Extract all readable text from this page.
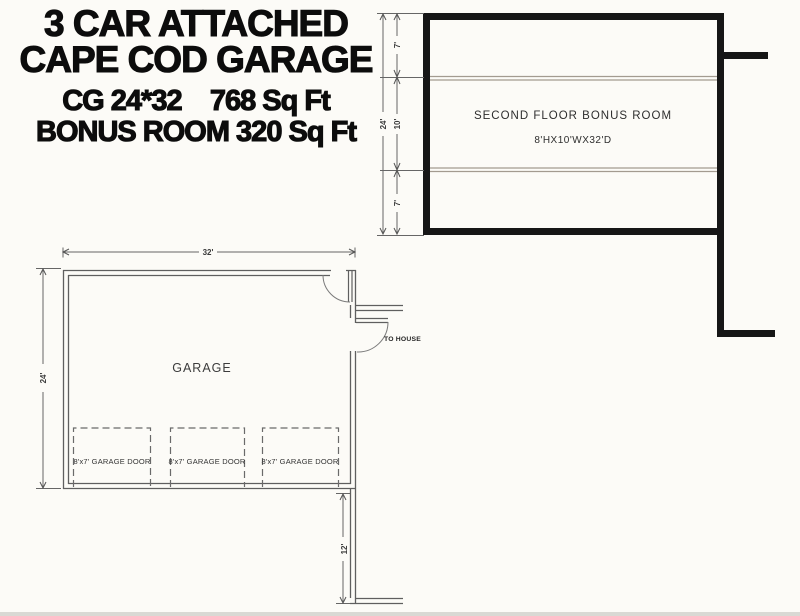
3 CAR ATTACHED
CAPE COD GARAGE
CG 24*32    768 Sq Ft
BONUS ROOM 320 Sq Ft	SECOND FLOOR BONUS ROOM
8'HX10'WX32'D
24'
7'
10'
7'
TO HOUSE
8'x7' GARAGE DOOR 8'x7' GARAGE DOOR 8'x7' GARAGE DOOR
GARAGE
32'
24'
12'
